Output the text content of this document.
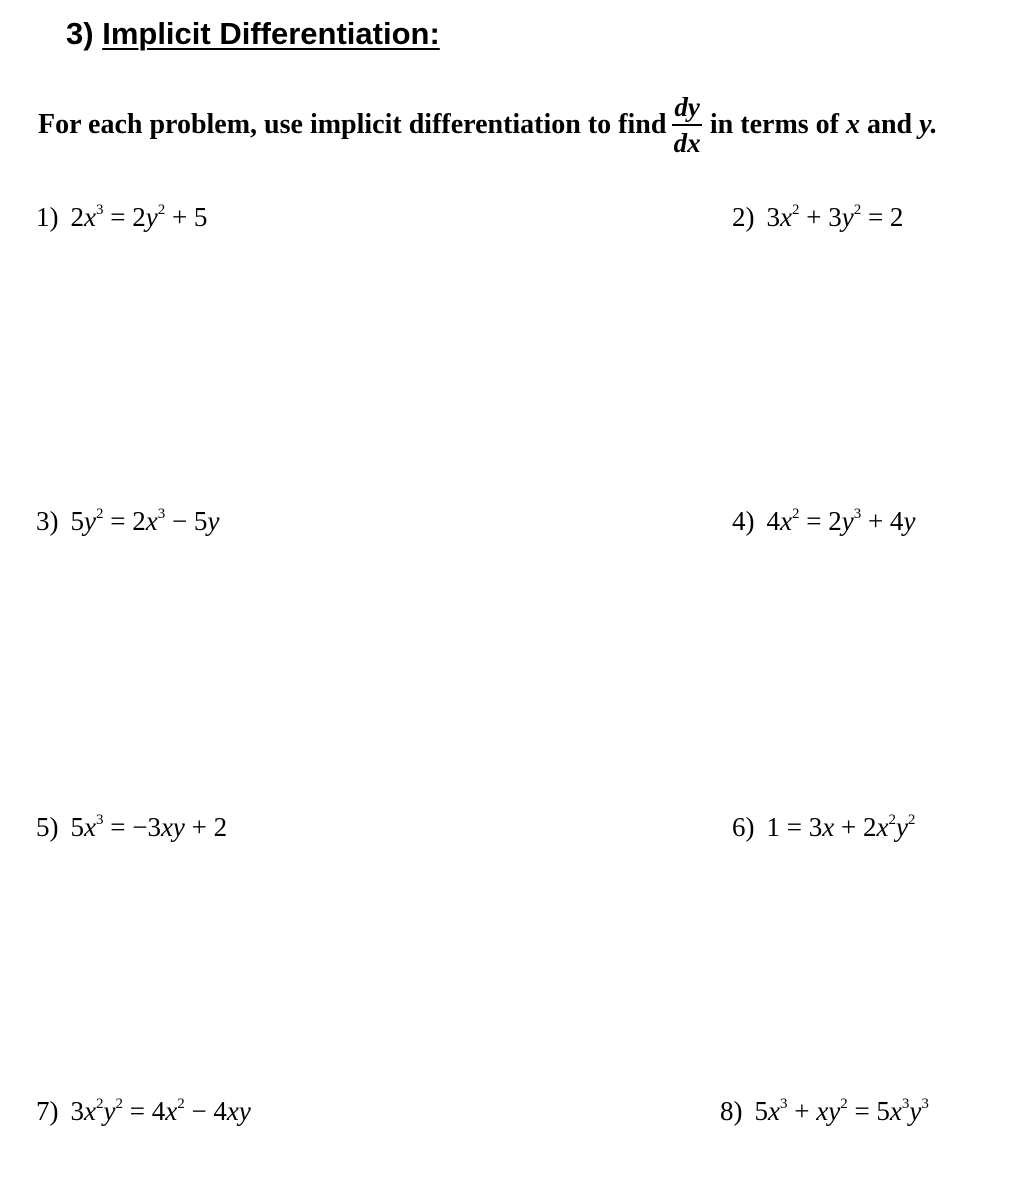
3) Implicit Differentiation:
For each problem, use implicit differentiation to find $\frac{dy}{dx}$ in terms of
x
and
y.
1) $2x^3 = 2y^2 + 5$	2) $3x^2 + 3y^2 = 2$
3) $5y^2 = 2x^3 - 5y$	4) $4x^2 = 2y^3 + 4y$
5) $5x^3 = -3xy + 2$	6) $1 = 3x + 2x^2y^2$
7) $3x^2y^2 = 4x^2 - 4xy$	8) $5x^3 + xy^2 = 5x^3y^3$
